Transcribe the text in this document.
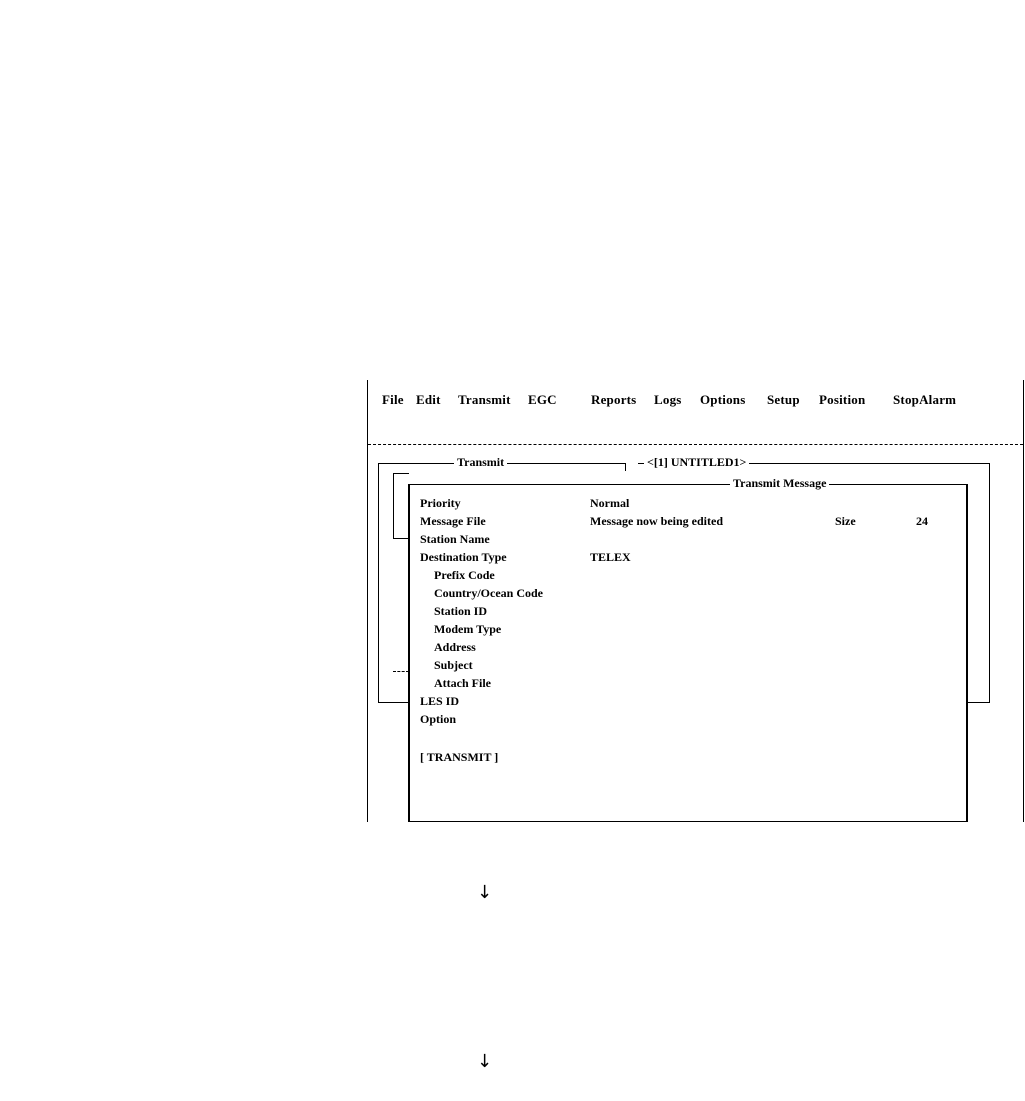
File Edit Transmit EGC	Reports Logs Options Setup Position StopAlarm
Transmit	<[1] UNTITLED1>
Transmit Message
Priority	Normal
Message File	Message now being edited	Size	24
Station Name
Destination Type	TELEX
Prefix Code
Country/Ocean Code
Station ID
Modem Type
Address
Subject
Attach File
LES ID
Option
[ TRANSMIT ]
↓
↓
